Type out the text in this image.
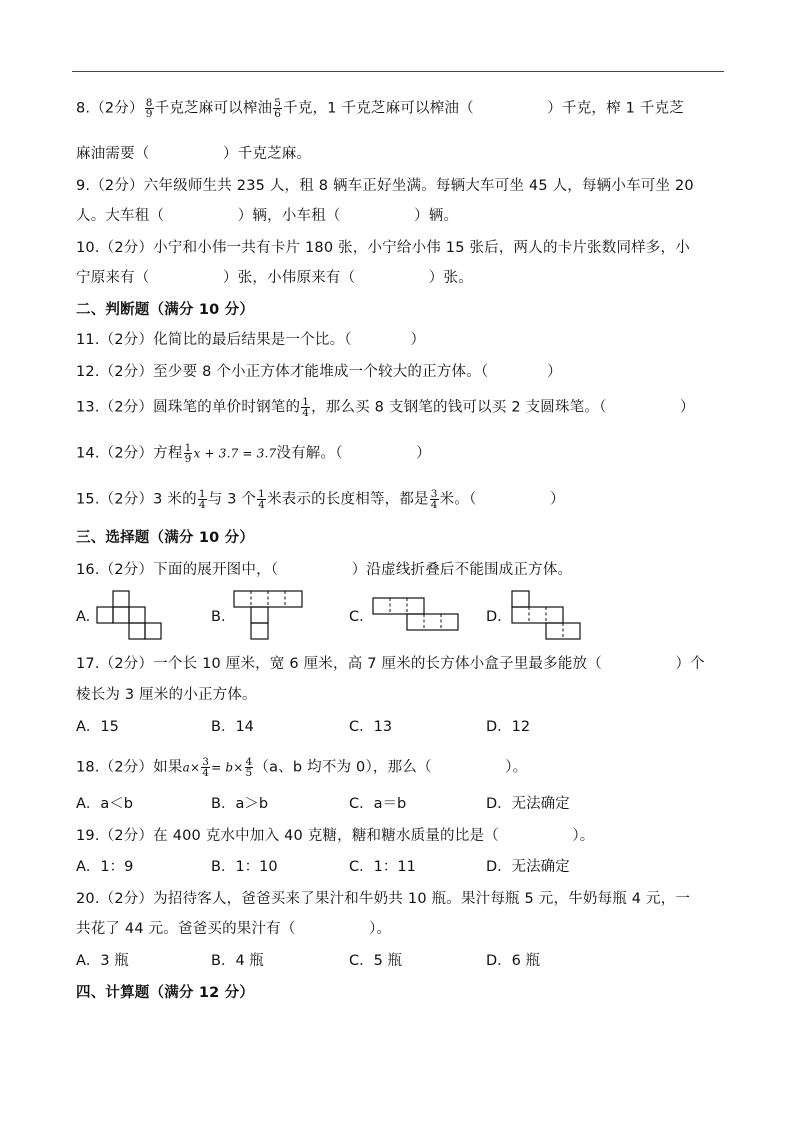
8.（2分） $\frac{8}{9}$ 千克芝麻可以榨油 $\frac{5}{6}$ 千克，1 千克芝麻可以榨油（　　　　　）千克，榨 1 千克芝
麻油需要（　　　　　）千克芝麻。
9.（2分）六年级师生共 235 人，租 8 辆车正好坐满。每辆大车可坐 45 人，每辆小车可坐 20
人。大车租（　　　　　）辆，小车租（　　　　　）辆。
10.（2分）小宁和小伟一共有卡片 180 张，小宁给小伟 15 张后，两人的卡片张数同样多，小
宁原来有（　　　　　）张，小伟原来有（　　　　　）张。
二、判断题（满分 10 分）
11.（2分）化简比的最后结果是一个比。（　　　　）
12.（2分）至少要 8 个小正方体才能堆成一个较大的正方体。（　　　　）
13.（2分）圆珠笔的单价时钢笔的 $\frac{1}{4}$ ，那么买 8 支钢笔的钱可以买 2 支圆珠笔。（　　　　　）
14.（2分）方程 $\frac{1}{9}$ x + 3.7 = 3.7没有解。（　　　　　）
15.（2分）3 米的 $\frac{1}{4}$ 与 3 个 $\frac{1}{4}$ 米表示的长度相等，都是 $\frac{3}{4}$ 米。（　　　　　）
三、选择题（满分 10 分）
16.（2分）下面的展开图中，（　　　　　）沿虚线折叠后不能围成正方体。
A.	B.	C.	D.
17.（2分）一个长 10 厘米，宽 6 厘米，高 7 厘米的长方体小盒子里最多能放（　　　　　）个
棱长为 3 厘米的小正方体。
A．15	B．14	C．13	D．12
18.（2分）如果$a\times \frac{3}{4} = b\times \frac{4}{5} (a$、b 均不为 0），那么（　　　　　）。
A．a＜b	B．a＞b	C．a＝b	D．无法确定
19.（2分）在 400 克水中加入 40 克糖，糖和糖水质量的比是（　　　　　）。
A．1：9	B．1：10	C．1：11	D．无法确定
20.（2分）为招待客人，爸爸买来了果汁和牛奶共 10 瓶。果汁每瓶 5 元，牛奶每瓶 4 元，一
共花了 44 元。爸爸买的果汁有（　　　　　）。
A．3 瓶	B．4 瓶	C．5 瓶	D．6 瓶
四、计算题（满分 12 分）
